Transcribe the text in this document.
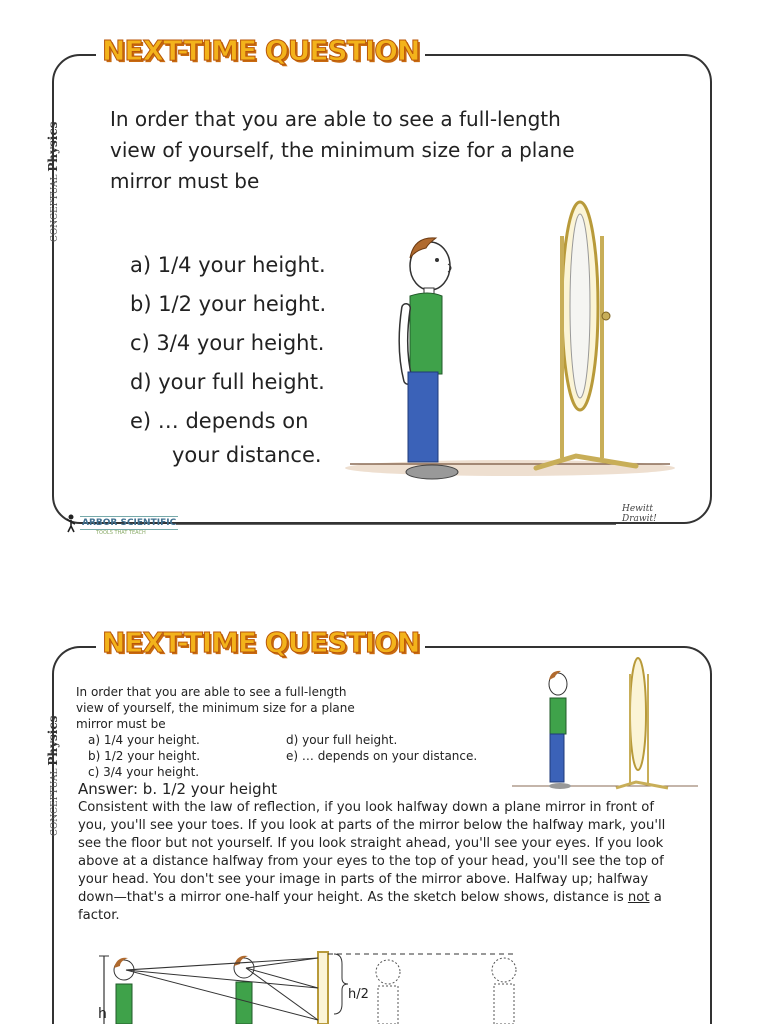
NEXT-TIME QUESTION
CONCEPTUAL Physics
In order that you are able to see a full-length
view of yourself, the minimum size for a plane
mirror must be
a) 1/4 your height.
b) 1/2 your height.
c) 3/4 your height.
d) your full height.
e) … depends on
your distance.
ARBOR SCIENTIFIC
TOOLS THAT TEACH
Hewitt
Drawit!
NEXT-TIME QUESTION
CONCEPTUAL Physics
In order that you are able to see a full-length
view of yourself, the minimum size for a plane
mirror must be
a) 1/4 your height.
b) 1/2 your height.
c) 3/4 your height.
d) your full height.
e) … depends on your distance.
Answer: b. 1/2 your height
Consistent with the law of reflection, if you look halfway down a plane mirror in front of you, you'll see your toes. If you look at parts of the mirror below the halfway mark, you'll see the floor but not yourself. If you look straight ahead, you'll see your eyes. If you look above at a distance halfway from your eyes to the top of your head, you'll see the top of your head. You don't see your image in parts of the mirror above. Halfway up; halfway down—that's a mirror one-half your height. As the sketch below shows, distance is not a factor.
h
h/2
